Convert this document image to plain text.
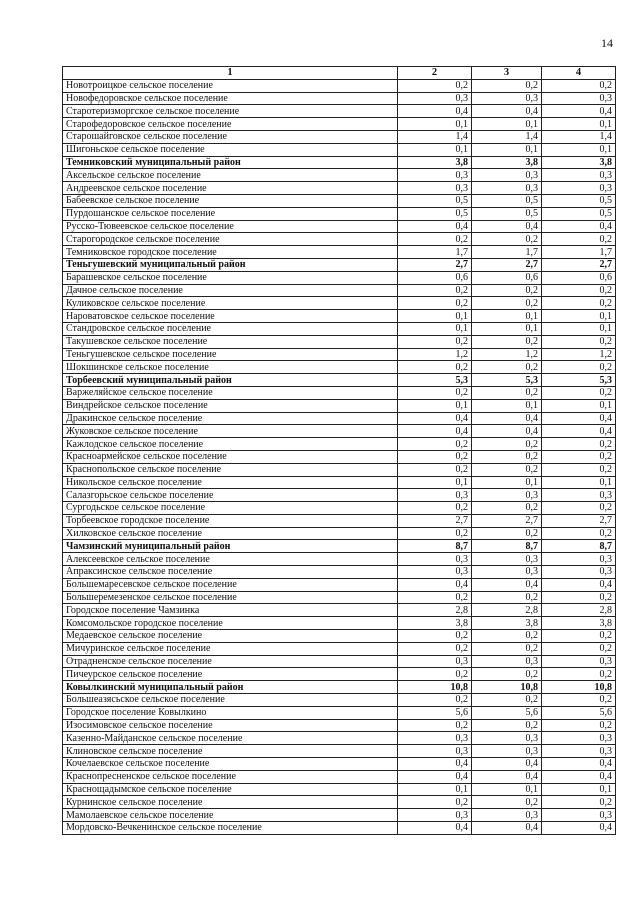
14
1	2	3	4
Новотроицкое сельское поселение	0,2	0,2	0,2
Новофедоровское сельское поселение	0,3	0,3	0,3
Старотеризморгское сельское поселение	0,4	0,4	0,4
Старофедоровское сельское поселение	0,1	0,1	0,1
Старошайговское сельское поселение	1,4	1,4	1,4
Шигоньское сельское поселение	0,1	0,1	0,1
Темниковский муниципальный район	3,8	3,8	3,8
Аксельское сельское поселение	0,3	0,3	0,3
Андреевское сельское поселение	0,3	0,3	0,3
Бабеевское сельское поселение	0,5	0,5	0,5
Пурдошанское сельское поселение	0,5	0,5	0,5
Русско-Тювеевское сельское поселение	0,4	0,4	0,4
Старогородское сельское поселение	0,2	0,2	0,2
Темниковское городское поселение	1,7	1,7	1,7
Теньгушевский муниципальный район	2,7	2,7	2,7
Барашевское сельское поселение	0,6	0,6	0,6
Дачное сельское поселение	0,2	0,2	0,2
Куликовское сельское поселение	0,2	0,2	0,2
Нароватовское сельское поселение	0,1	0,1	0,1
Стандровское сельское поселение	0,1	0,1	0,1
Такушевское сельское поселение	0,2	0,2	0,2
Теньгушевское сельское поселение	1,2	1,2	1,2
Шокшинское сельское поселение	0,2	0,2	0,2
Торбеевский муниципальный район	5,3	5,3	5,3
Варжеляйское сельское поселение	0,2	0,2	0,2
Виндрейское сельское поселение	0,1	0,1	0,1
Дракинское сельское поселение	0,4	0,4	0,4
Жуковское сельское поселение	0,4	0,4	0,4
Кажлодское сельское поселение	0,2	0,2	0,2
Красноармейское сельское поселение	0,2	0,2	0,2
Краснопольское сельское поселение	0,2	0,2	0,2
Никольское сельское поселение	0,1	0,1	0,1
Салазгорьское сельское поселение	0,3	0,3	0,3
Сургодьское сельское поселение	0,2	0,2	0,2
Торбеевское городское поселение	2,7	2,7	2,7
Хилковское сельское поселение	0,2	0,2	0,2
Чамзинский муниципальный район	8,7	8,7	8,7
Алексеевское сельское поселение	0,3	0,3	0,3
Апраксинское сельское поселение	0,3	0,3	0,3
Большемаресевское сельское поселение	0,4	0,4	0,4
Большеремезенское сельское поселение	0,2	0,2	0,2
Городское поселение Чамзинка	2,8	2,8	2,8
Комсомольское городское поселение	3,8	3,8	3,8
Медаевское сельское поселение	0,2	0,2	0,2
Мичуринское сельское поселение	0,2	0,2	0,2
Отрадненское сельское поселение	0,3	0,3	0,3
Пичеурское сельское поселение	0,2	0,2	0,2
Ковылкинский муниципальный район	10,8	10,8	10,8
Большеазясьское сельское поселение	0,2	0,2	0,2
Городское поселение Ковылкино	5,6	5,6	5,6
Изосимовское сельское поселение	0,2	0,2	0,2
Казенно-Майданское сельское поселение	0,3	0,3	0,3
Клиновское сельское поселение	0,3	0,3	0,3
Кочелаевское сельское поселение	0,4	0,4	0,4
Краснопресненское сельское поселение	0,4	0,4	0,4
Краснощадымское сельское поселение	0,1	0,1	0,1
Курнинское сельское поселение	0,2	0,2	0,2
Мамолаевское сельское поселение	0,3	0,3	0,3
Мордовско-Вечкенинское сельское поселение	0,4	0,4	0,4
